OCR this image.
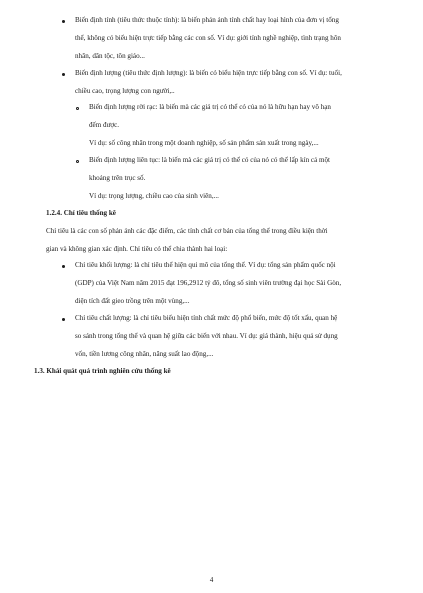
Biến định tính (tiêu thức thuộc tính): là biến phản ảnh tính chất hay loại hình của đơn vị tổng
thể, không có biểu hiện trực tiếp bằng các con số. Ví dụ: giới tính nghề nghiệp, tình trạng hôn
nhân, dân tộc, tôn giáo...
Biến định lượng (tiêu thức định lượng): là biến có biểu hiện trực tiếp bằng con số. Ví dụ: tuổi,
chiều cao, trọng lượng con người,..
Biến định lượng rời rạc: là biến mà các giá trị có thể có của nó là hữu hạn hay vô hạn
đếm được.
Ví dụ: số công nhân trong một doanh nghiệp, số sản phẩm sản xuất trong ngày,...
Biến định lượng liên tục: là biến mà các giá trị có thể có của nó có thể lấp kín cả một
khoảng trên trục số.
Ví dụ: trọng lượng, chiều cao của sinh viên,...
1.2.4. Chỉ tiêu thống kê
Chỉ tiêu là các con số phản ánh các đặc điểm, các tính chất cơ bản của tổng thể trong điều kiện thời
gian và không gian xác định. Chỉ tiêu có thể chia thành hai loại:
Chỉ tiêu khối lượng: là chỉ tiêu thể hiện qui mô của tổng thể. Ví dụ: tổng sản phẩm quốc nội
(GDP) của Việt Nam năm 2015 đạt 196,2912 tỷ đô, tổng số sinh viên trường đại học Sài Gòn,
diện tích đất gieo trồng trên một vùng,...
Chỉ tiêu chất lượng: là chỉ tiêu biểu hiện tính chất mức độ phổ biến, mức độ tốt xấu, quan hệ
so sánh trong tổng thể và quan hệ giữa các biến với nhau. Ví dụ: giá thành, hiệu quả sử dụng
vốn, tiền lương công nhân, năng suất lao động,...
1.3. Khái quát quá trình nghiên cứu thống kê
4
